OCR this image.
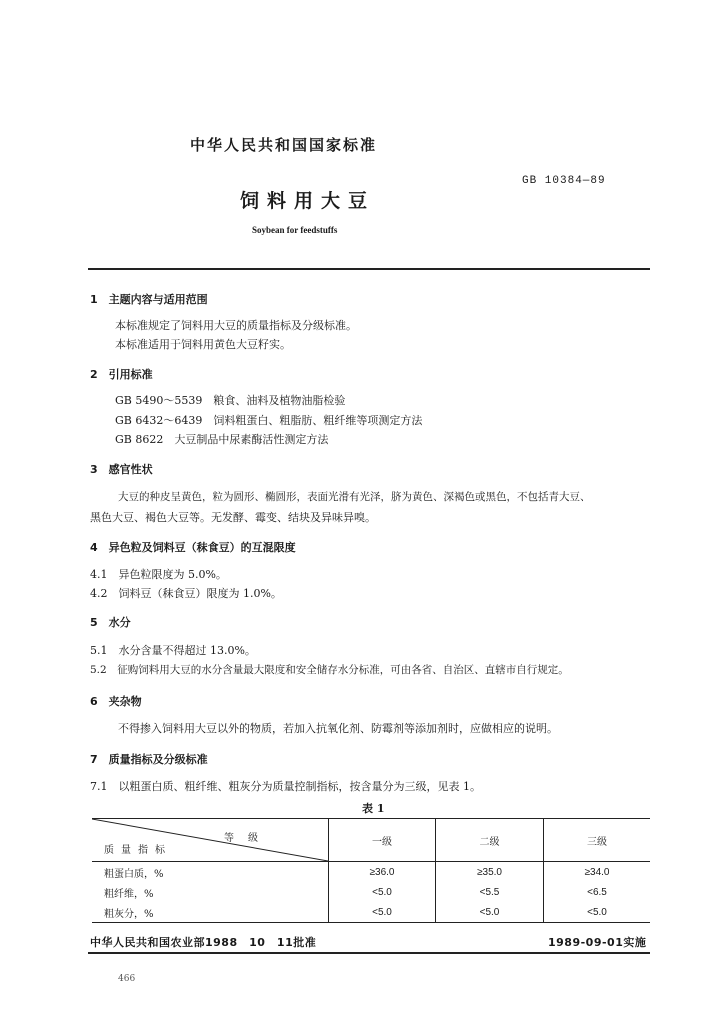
中华人民共和国国家标准
GB 10384—89
饲料用大豆
Soybean for feedstuffs
1　主题内容与适用范围
本标准规定了饲料用大豆的质量指标及分级标准。
本标准适用于饲料用黄色大豆籽实。
2　引用标准
GB 5490～5539　粮食、油料及植物油脂检验
GB 6432～6439　饲料粗蛋白、粗脂肪、粗纤维等项测定方法
GB 8622　大豆制品中尿素酶活性测定方法
3　感官性状
大豆的种皮呈黄色，粒为圆形、椭圆形，表面光滑有光泽，脐为黄色、深褐色或黑色，不包括青大豆、
黑色大豆、褐色大豆等。无发酵、霉变、结块及异味异嗅。
4　异色粒及饲料豆（秣食豆）的互混限度
4.1　异色粒限度为 5.0%。
4.2　饲料豆（秣食豆）限度为 1.0%。
5　水分
5.1　水分含量不得超过 13.0%。
5.2　征购饲料用大豆的水分含量最大限度和安全储存水分标准，可由各省、自治区、直辖市自行规定。
6　夹杂物
不得掺入饲料用大豆以外的物质，若加入抗氧化剂、防霉剂等添加剂时，应做相应的说明。
7　质量指标及分级标准
7.1　以粗蛋白质、粗纤维、粗灰分为质量控制指标，按含量分为三级，见表 1。
表 1
等级
质量指标	一级	二级	三级
粗蛋白质，%	≥36.0	≥35.0	≥34.0
粗纤维，%	<5.0	<5.5	<6.5
粗灰分，%	<5.0	<5.0	<5.0
中华人民共和国农业部1988　10　11批准	1989-09-01实施
466
